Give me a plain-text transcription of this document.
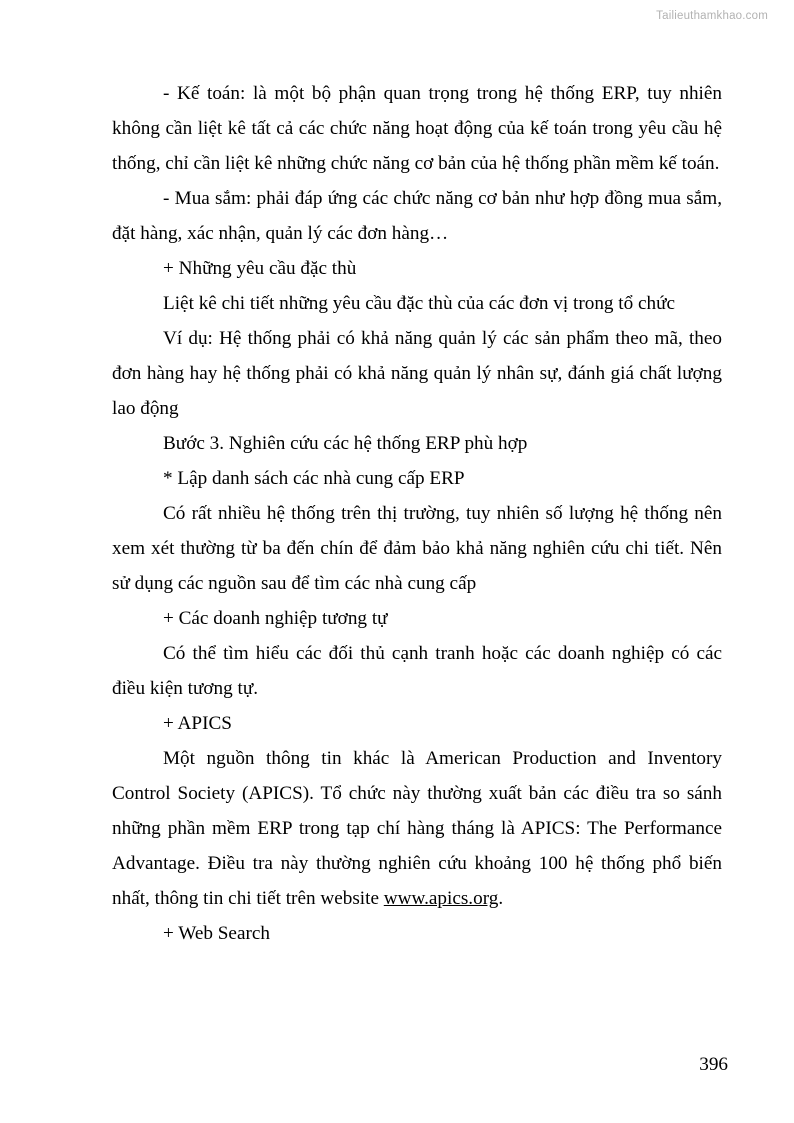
Tailieuthamkhao.com

- Kế toán: là một bộ phận quan trọng trong hệ thống ERP, tuy nhiên không cần liệt kê tất cả các chức năng hoạt động của kế toán trong yêu cầu hệ thống, chỉ cần liệt kê những chức năng cơ bản của hệ thống phần mềm kế toán.

- Mua sắm: phải đáp ứng các chức năng cơ bản như hợp đồng mua sắm, đặt hàng, xác nhận, quản lý các đơn hàng…

+ Những yêu cầu đặc thù

Liệt kê chi tiết những yêu cầu đặc thù của các đơn vị trong tổ chức

Ví dụ: Hệ thống phải có khả năng quản lý các sản phẩm theo mã, theo đơn hàng hay hệ thống phải có khả năng quản lý nhân sự, đánh giá chất lượng lao động

Bước 3. Nghiên cứu các hệ thống ERP phù hợp

* Lập danh sách các nhà cung cấp ERP

Có rất nhiều hệ thống trên thị trường, tuy nhiên số lượng hệ thống nên xem xét thường từ ba đến chín để đảm bảo khả năng nghiên cứu chi tiết. Nên sử dụng các nguồn sau để tìm các nhà cung cấp

+ Các doanh nghiệp tương tự

Có thể tìm hiểu các đối thủ cạnh tranh hoặc các doanh nghiệp có các điều kiện tương tự.

+ APICS

Một nguồn thông tin khác là American Production and Inventory Control Society (APICS). Tổ chức này thường xuất bản các điều tra so sánh những phần mềm ERP trong tạp chí hàng tháng là APICS: The Performance Advantage. Điều tra này thường nghiên cứu khoảng 100 hệ thống phổ biến nhất, thông tin chi tiết trên website www.apics.org.

+ Web Search

396
